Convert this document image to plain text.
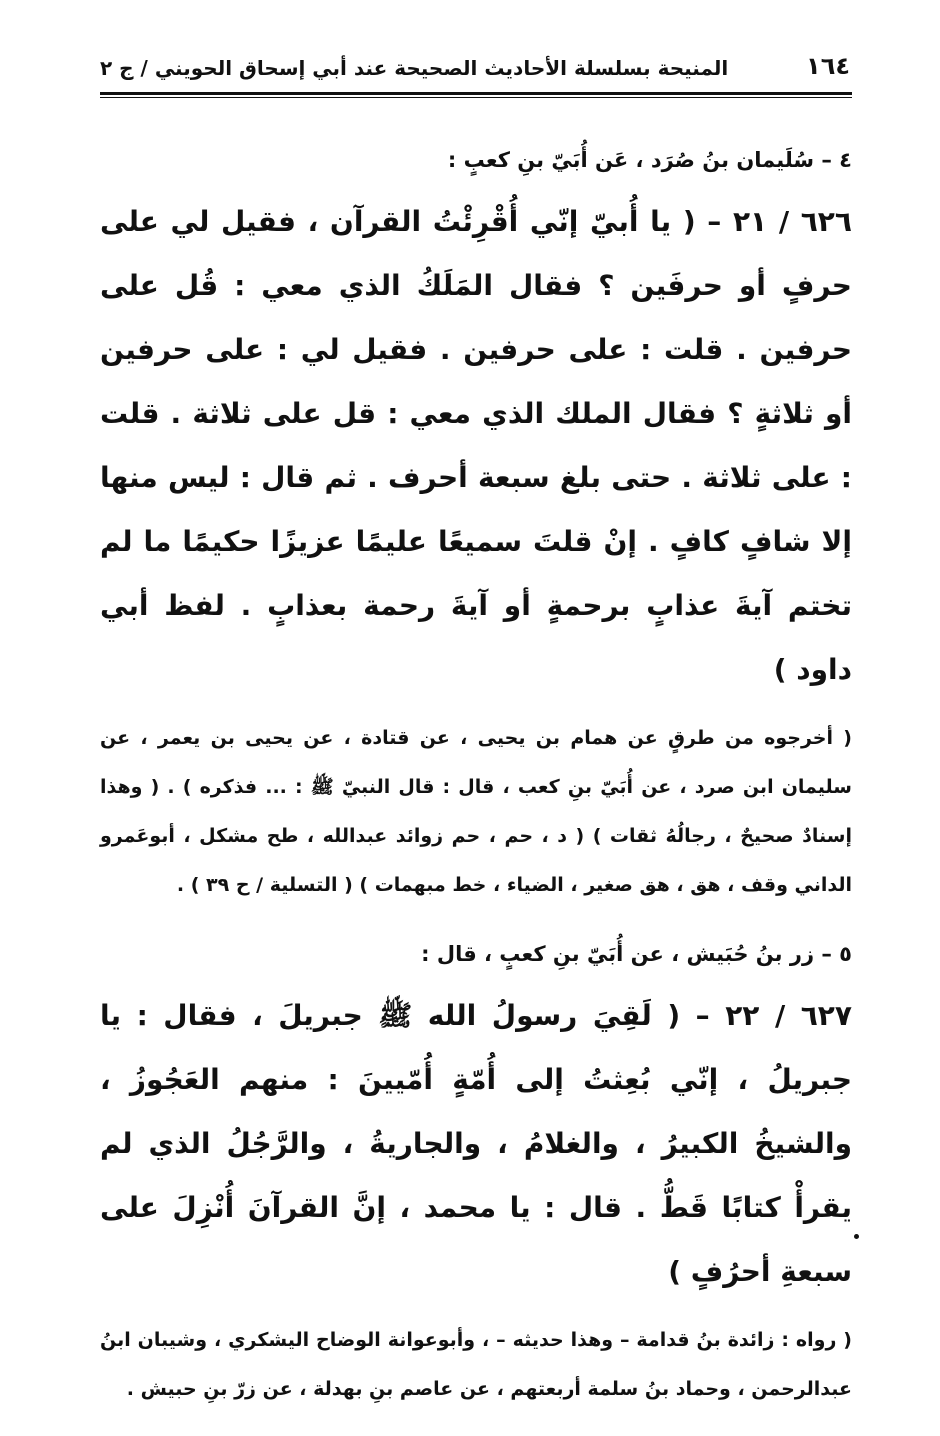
١٦٤
المنيحة بسلسلة الأحاديث الصحيحة عند أبي إسحاق الحويني / ج ٢

٤ – سُلَيمان بنُ صُرَد ، عَن أُبَيّ بنِ كعبٍ :

٦٢٦ / ٢١ – ( يا أُبيّ إنّي أُقْرِئْتُ القرآن ، فقيل لي على حرفٍ أو حرفَين ؟ فقال المَلَكُ الذي معي : قُل على حرفين . قلت : على حرفين . فقيل لي : على حرفين أو ثلاثةٍ ؟ فقال الملك الذي معي : قل على ثلاثة . قلت : على ثلاثة . حتى بلغ سبعة أحرف . ثم قال : ليس منها إلا شافٍ كافٍ . إنْ قلتَ سميعًا عليمًا عزيزًا حكيمًا ما لم تختم آيةَ عذابٍ برحمةٍ أو آيةَ رحمة بعذابٍ . لفظ أبي داود )

( أخرجوه من طرقٍ عن همام بن يحيى ، عن قتادة ، عن يحيى بن يعمر ، عن سليمان ابن صرد ، عن أُبَيّ بنِ كعب ، قال : قال النبيّ ﷺ : ... فذكره ) . ( وهذا إسنادٌ صحيحٌ ، رجالُهُ ثقات ) ( د ، حم ، حم زوائد عبدالله ، طح مشكل ، أبوعَمرو الداني وقف ، هق ، هق صغير ، الضياء ، خط مبهمات ) ( التسلية / ح ٣٩ ) .

٥ – زر بنُ حُبَيش ، عن أُبَيّ بنِ كعبٍ ، قال :

٦٢٧ / ٢٢ – ( لَقِيَ رسولُ الله ﷺ جبريلَ ، فقال : يا جبريلُ ، إنّي بُعِثتُ إلى أُمّةٍ أُمّيينَ : منهم العَجُوزُ ، والشيخُ الكبيرُ ، والغلامُ ، والجاريةُ ، والرَّجُلُ الذي لم يقرأْ كتابًا قَطُّ . قال : يا محمد ، إنَّ القرآنَ أُنْزِلَ على سبعةِ أحرُفٍ )

( رواه : زائدة بنُ قدامة – وهذا حديثه – ، وأبوعوانة الوضاح اليشكري ، وشيبان ابنُ عبدالرحمن ، وحماد بنُ سلمة أربعتهم ، عن عاصم بنِ بهدلة ، عن زرّ بنِ حبيش .
